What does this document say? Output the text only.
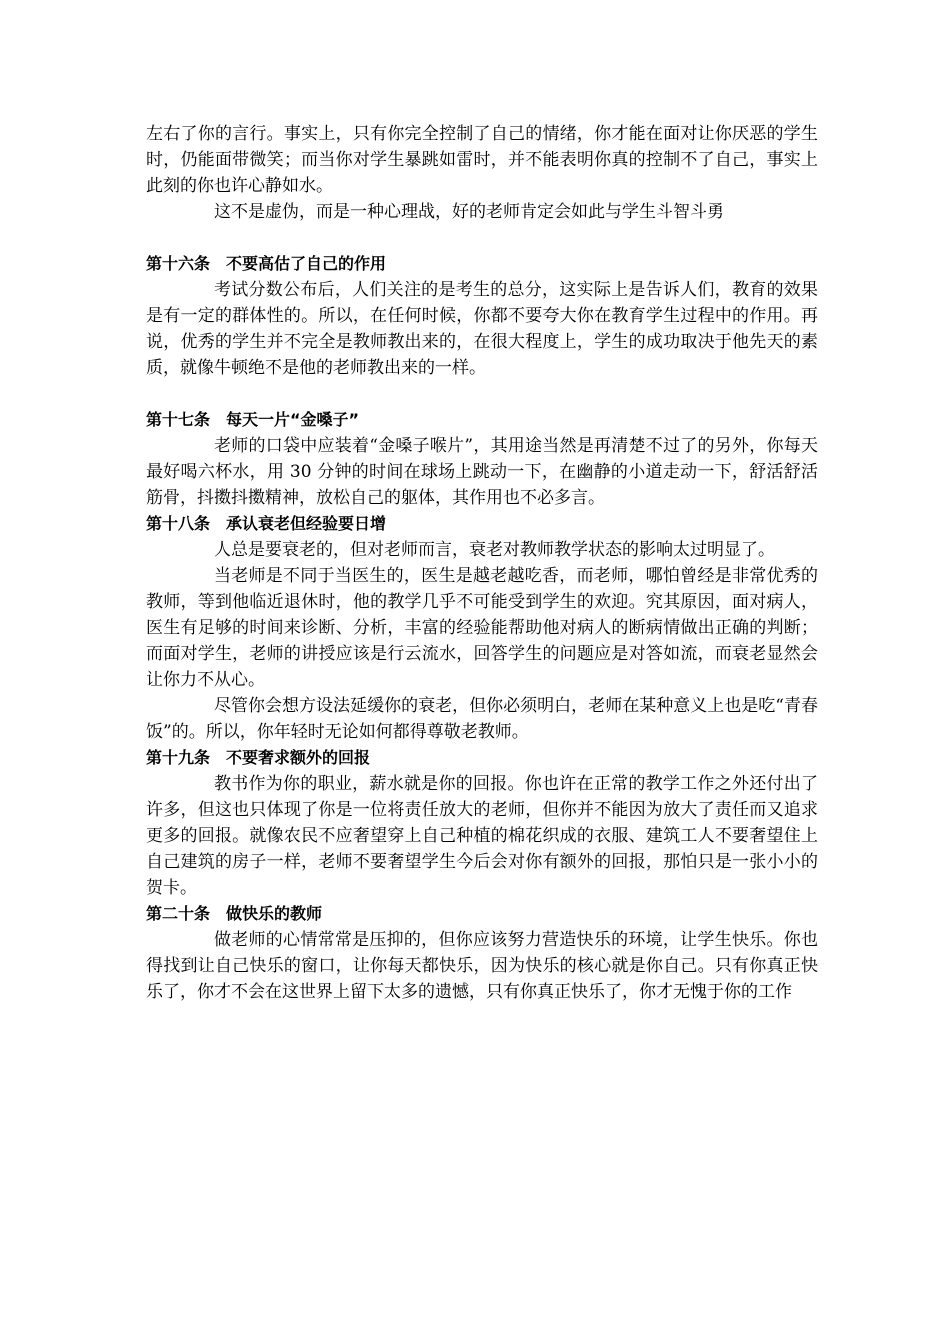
左右了你的言行。事实上，只有你完全控制了自己的情绪，你才能在面对让你厌恶的学生时，仍能面带微笑；而当你对学生暴跳如雷时，并不能表明你真的控制不了自己，事实上此刻的你也许心静如水。

这不是虚伪，而是一种心理战，好的老师肯定会如此与学生斗智斗勇

第十六条　不要高估了自己的作用

考试分数公布后，人们关注的是考生的总分，这实际上是告诉人们，教育的效果是有一定的群体性的。所以，在任何时候，你都不要夸大你在教育学生过程中的作用。再说，优秀的学生并不完全是教师教出来的，在很大程度上，学生的成功取决于他先天的素质，就像牛顿绝不是他的老师教出来的一样。

第十七条　每天一片“金嗓子”

老师的口袋中应装着“金嗓子喉片”，其用途当然是再清楚不过了的另外，你每天最好喝六杯水，用 30 分钟的时间在球场上跳动一下，在幽静的小道走动一下，舒活舒活筋骨，抖擞抖擞精神，放松自己的躯体，其作用也不必多言。

第十八条　承认衰老但经验要日增

人总是要衰老的，但对老师而言，衰老对教师教学状态的影响太过明显了。

当老师是不同于当医生的，医生是越老越吃香，而老师，哪怕曾经是非常优秀的教师，等到他临近退休时，他的教学几乎不可能受到学生的欢迎。究其原因，面对病人，医生有足够的时间来诊断、分析，丰富的经验能帮助他对病人的断病情做出正确的判断；而面对学生，老师的讲授应该是行云流水，回答学生的问题应是对答如流，而衰老显然会让你力不从心。

尽管你会想方设法延缓你的衰老，但你必须明白，老师在某种意义上也是吃“青春饭”的。所以，你年轻时无论如何都得尊敬老教师。

第十九条　不要奢求额外的回报

教书作为你的职业，薪水就是你的回报。你也许在正常的教学工作之外还付出了许多，但这也只体现了你是一位将责任放大的老师，但你并不能因为放大了责任而又追求更多的回报。就像农民不应奢望穿上自己种植的棉花织成的衣服、建筑工人不要奢望住上自己建筑的房子一样，老师不要奢望学生今后会对你有额外的回报，那怕只是一张小小的贺卡。

第二十条　做快乐的教师

做老师的心情常常是压抑的，但你应该努力营造快乐的环境，让学生快乐。你也得找到让自己快乐的窗口，让你每天都快乐，因为快乐的核心就是你自己。只有你真正快乐了，你才不会在这世界上留下太多的遗憾，只有你真正快乐了，你才无愧于你的工作
